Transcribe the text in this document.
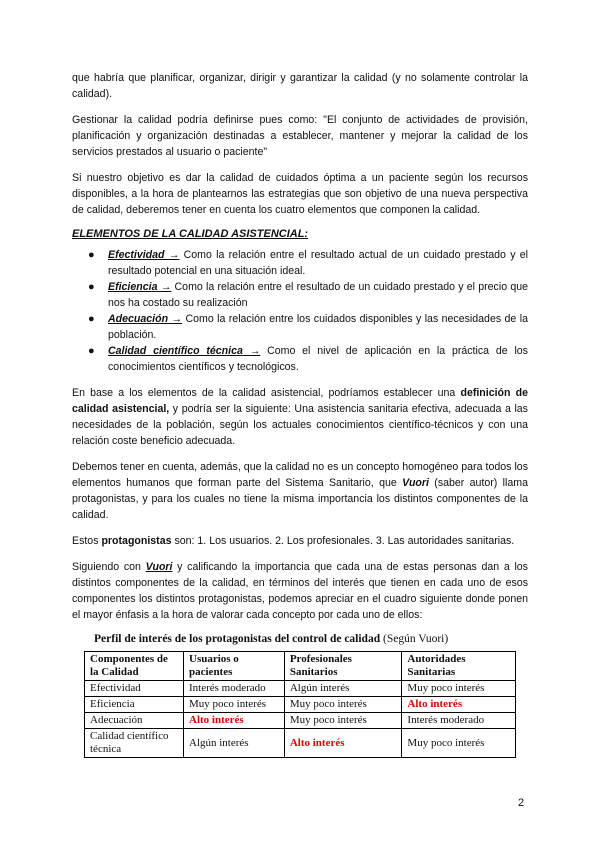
que habría que planificar, organizar, dirigir y garantizar la calidad (y no solamente controlar la calidad).

Gestionar la calidad podría definirse pues como: "El conjunto de actividades de provisión, planificación y organización destinadas a establecer, mantener y mejorar la calidad de los servicios prestados al usuario o paciente"

Si nuestro objetivo es dar la calidad de cuidados óptima a un paciente según los recursos disponibles, a la hora de plantearnos las estrategias que son objetivo de una nueva perspectiva de calidad, deberemos tener en cuenta los cuatro elementos que componen la calidad.

ELEMENTOS DE LA CALIDAD ASISTENCIAL:
● Efectividad → Como la relación entre el resultado actual de un cuidado prestado y el resultado potencial en una situación ideal.
● Eficiencia → Como la relación entre el resultado de un cuidado prestado y el precio que nos ha costado su realización
● Adecuación → Como la relación entre los cuidados disponibles y las necesidades de la población.
● Calidad científico técnica → Como el nivel de aplicación en la práctica de los conocimientos científicos y tecnológicos.

En base a los elementos de la calidad asistencial, podríamos establecer una definición de calidad asistencial, y podría ser la siguiente: Una asistencia sanitaria efectiva, adecuada a las necesidades de la población, según los actuales conocimientos científico-técnicos y con una relación coste beneficio adecuada.

Debemos tener en cuenta, además, que la calidad no es un concepto homogéneo para todos los elementos humanos que forman parte del Sistema Sanitario, que Vuori (saber autor) llama protagonistas, y para los cuales no tiene la misma importancia los distintos componentes de la calidad.

Estos protagonistas son: 1. Los usuarios. 2. Los profesionales. 3. Las autoridades sanitarias.

Siguiendo con Vuori y calificando la importancia que cada una de estas personas dan a los distintos componentes de la calidad, en términos del interés que tienen en cada uno de esos componentes los distintos protagonistas, podemos apreciar en el cuadro siguiente donde ponen el mayor énfasis a la hora de valorar cada concepto por cada uno de ellos:

Perfil de interés de los protagonistas del control de calidad (Según Vuori)
Componentes de la Calidad	Usuarios o pacientes	Profesionales Sanitarios	Autoridades Sanitarias
Efectividad	Interés moderado	Algún interés	Muy poco interés
Eficiencia	Muy poco interés	Muy poco interés	Alto interés
Adecuación	Alto interés	Muy poco interés	Interés moderado
Calidad científico técnica	Algún interés	Alto interés	Muy poco interés
2
